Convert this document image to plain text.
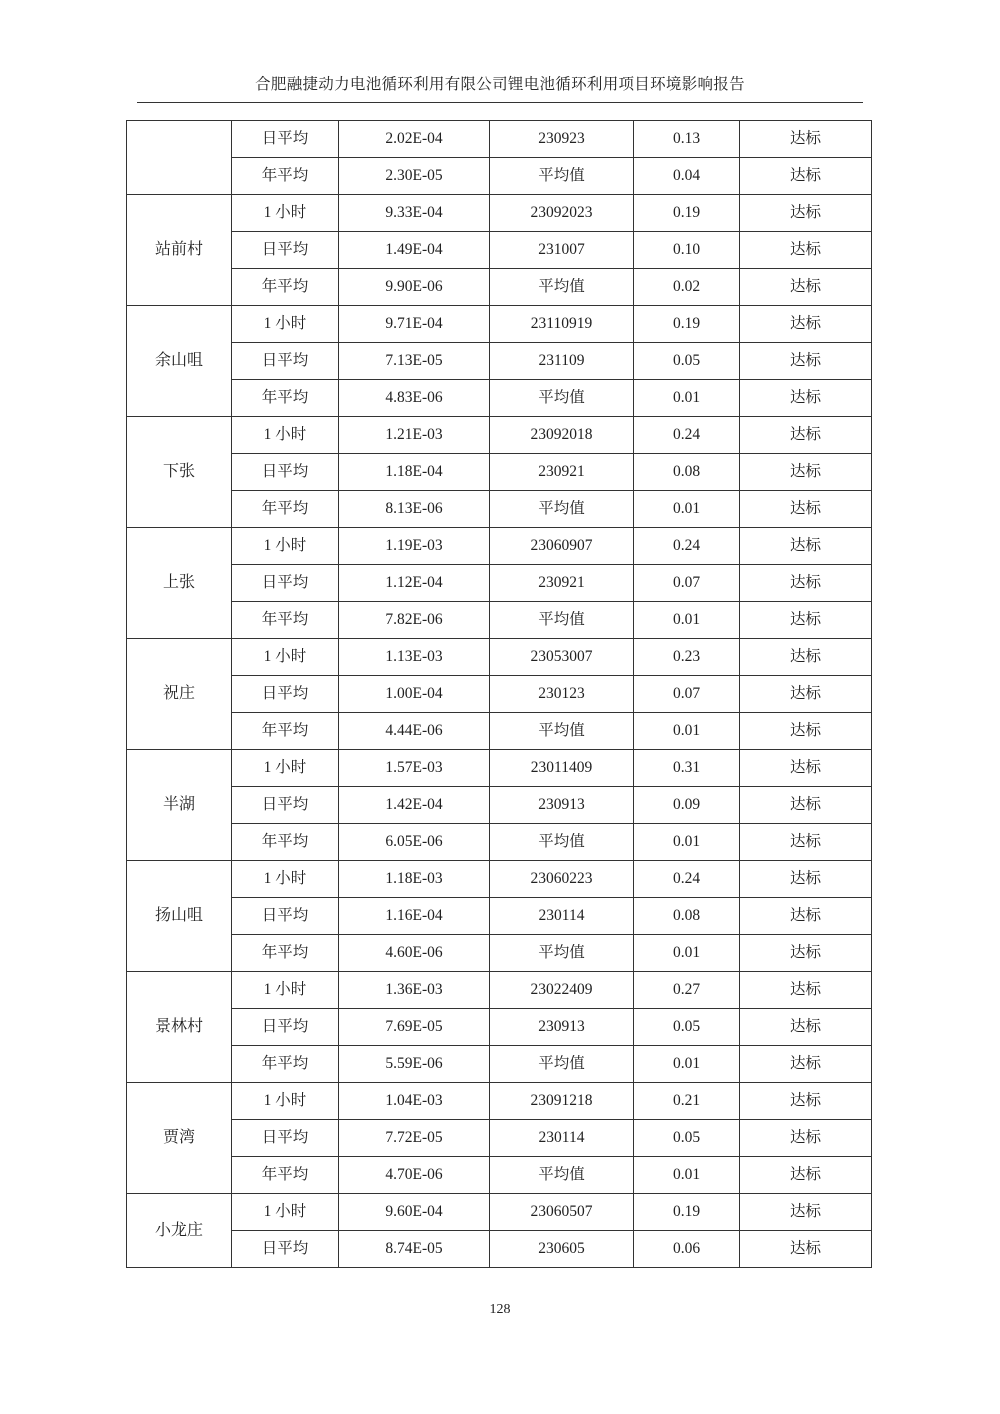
合肥融捷动力电池循环利用有限公司锂电池循环利用项目环境影响报告
	日平均	2.02E-04	230923	0.13	达标
	年平均	2.30E-05	平均值	0.04	达标
站前村	1 小时	9.33E-04	23092023	0.19	达标
	日平均	1.49E-04	231007	0.10	达标
	年平均	9.90E-06	平均值	0.02	达标
余山咀	1 小时	9.71E-04	23110919	0.19	达标
	日平均	7.13E-05	231109	0.05	达标
	年平均	4.83E-06	平均值	0.01	达标
下张	1 小时	1.21E-03	23092018	0.24	达标
	日平均	1.18E-04	230921	0.08	达标
	年平均	8.13E-06	平均值	0.01	达标
上张	1 小时	1.19E-03	23060907	0.24	达标
	日平均	1.12E-04	230921	0.07	达标
	年平均	7.82E-06	平均值	0.01	达标
祝庄	1 小时	1.13E-03	23053007	0.23	达标
	日平均	1.00E-04	230123	0.07	达标
	年平均	4.44E-06	平均值	0.01	达标
半湖	1 小时	1.57E-03	23011409	0.31	达标
	日平均	1.42E-04	230913	0.09	达标
	年平均	6.05E-06	平均值	0.01	达标
扬山咀	1 小时	1.18E-03	23060223	0.24	达标
	日平均	1.16E-04	230114	0.08	达标
	年平均	4.60E-06	平均值	0.01	达标
景林村	1 小时	1.36E-03	23022409	0.27	达标
	日平均	7.69E-05	230913	0.05	达标
	年平均	5.59E-06	平均值	0.01	达标
贾湾	1 小时	1.04E-03	23091218	0.21	达标
	日平均	7.72E-05	230114	0.05	达标
	年平均	4.70E-06	平均值	0.01	达标
小龙庄	1 小时	9.60E-04	23060507	0.19	达标
	日平均	8.74E-05	230605	0.06	达标
128
